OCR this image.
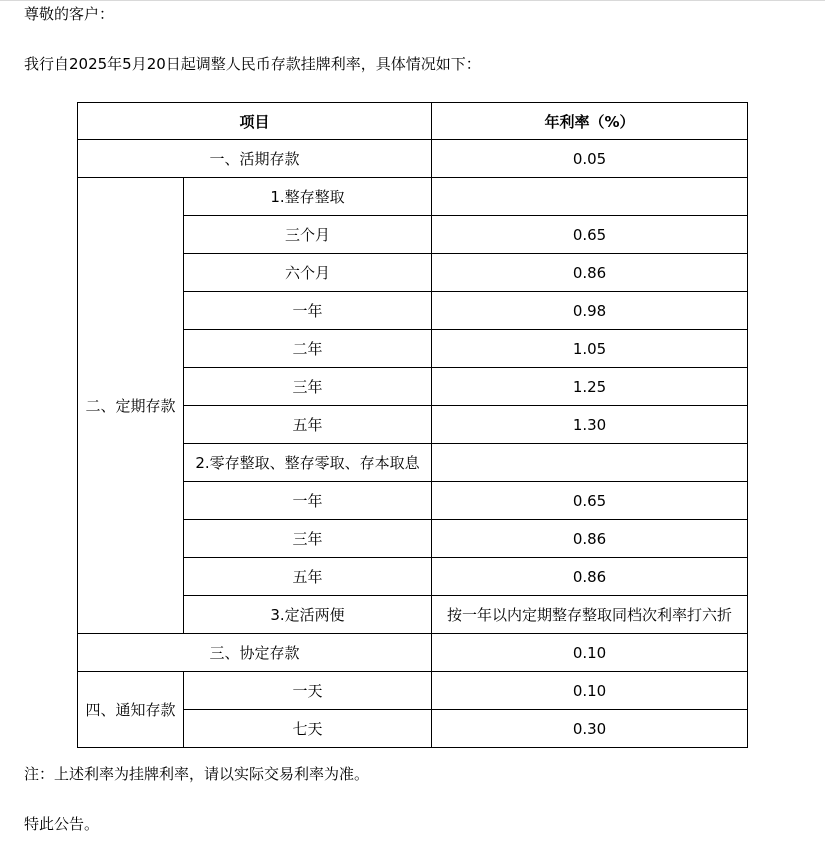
尊敬的客户：
我行自2025年5月20日起调整人民币存款挂牌利率，具体情况如下：
项目		年利率（%）
一、活期存款		0.05
二、定期存款	1.整存整取	
	三个月	0.65
	六个月	0.86
	一年	0.98
	二年	1.05
	三年	1.25
	五年	1.30
	2.零存整取、整存零取、存本取息	
	一年	0.65
	三年	0.86
	五年	0.86
	3.定活两便	按一年以内定期整存整取同档次利率打六折
三、协定存款		0.10
四、通知存款	一天	0.10
	七天	0.30
注：上述利率为挂牌利率，请以实际交易利率为准。
特此公告。
